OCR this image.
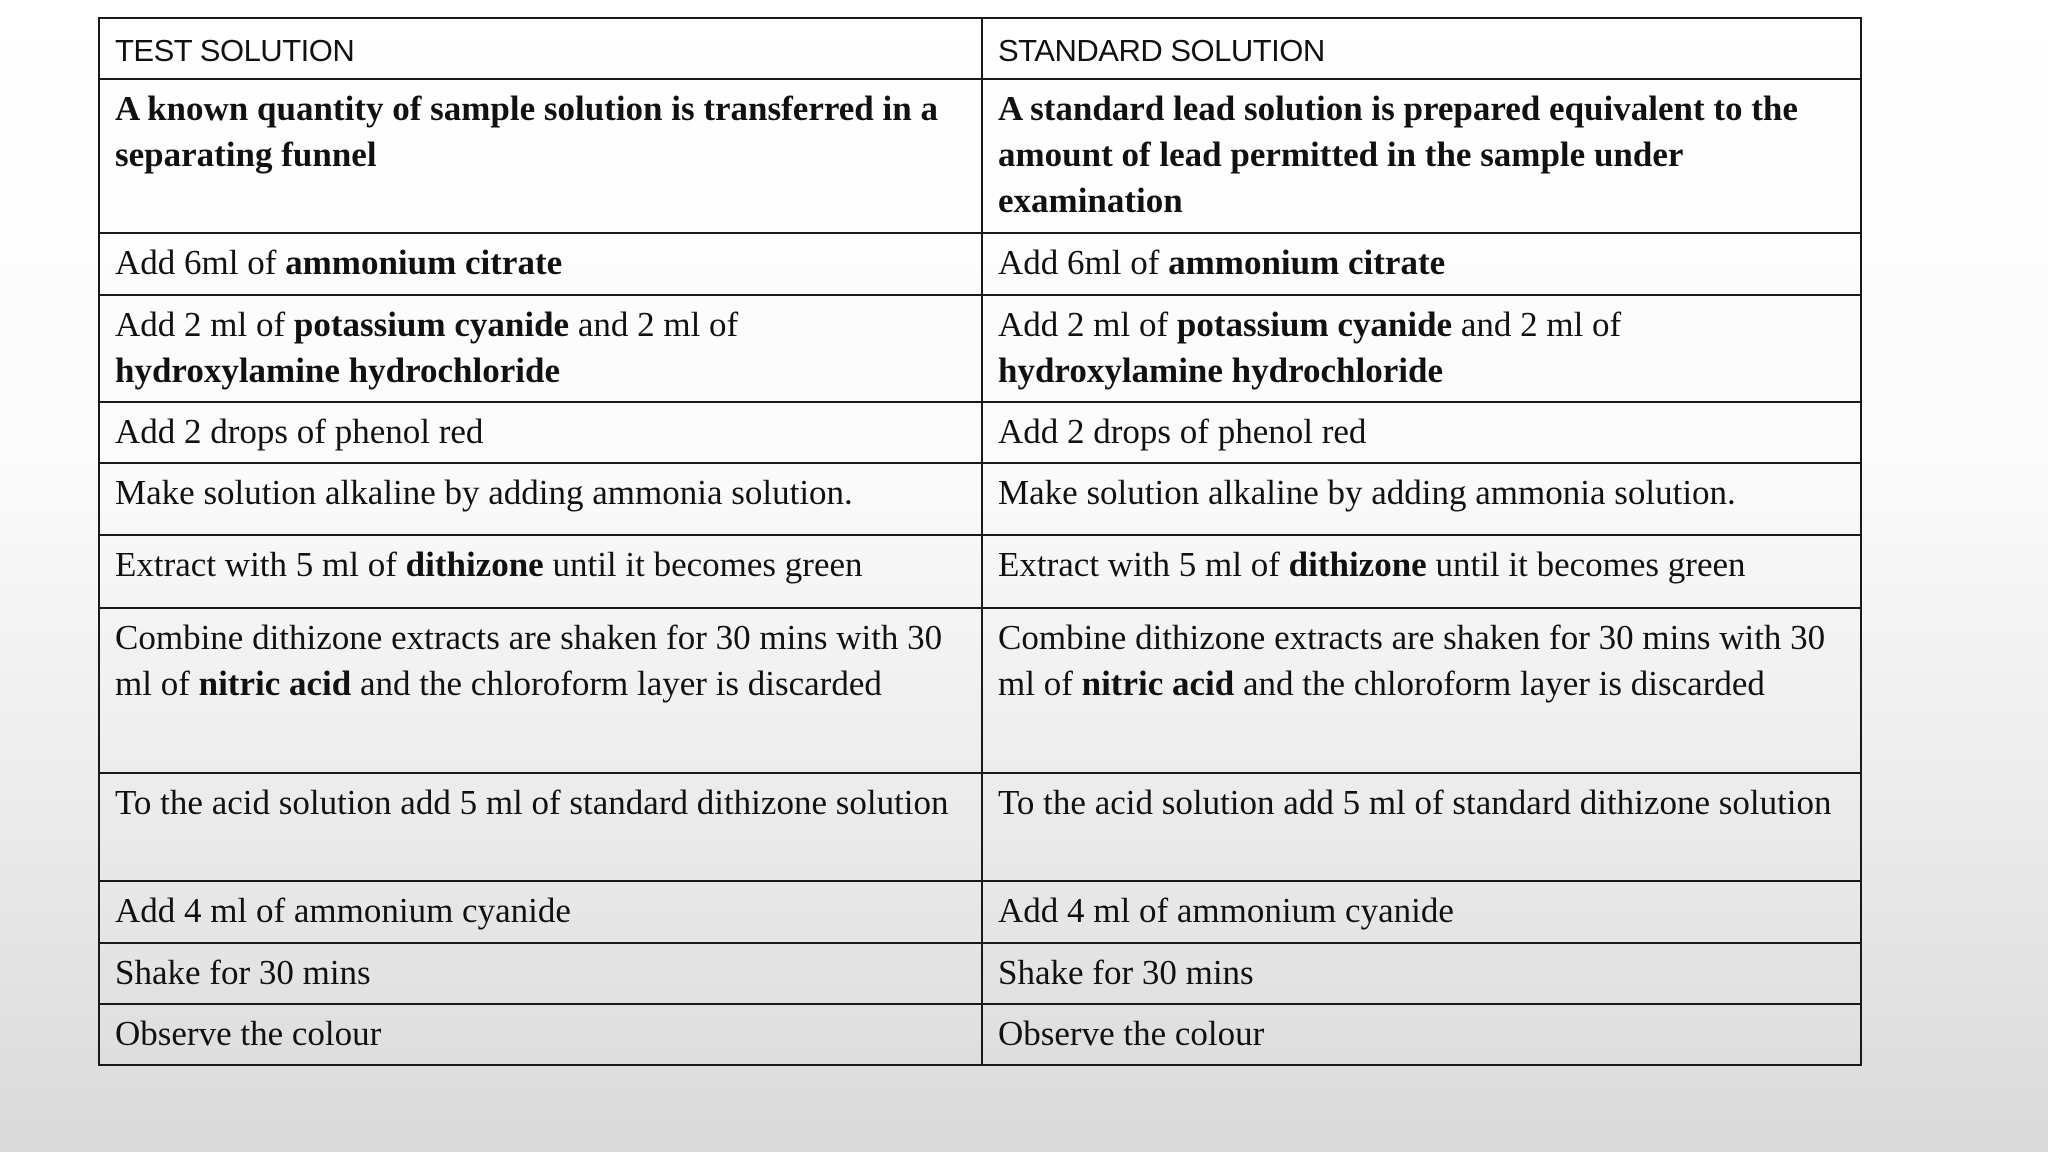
TEST SOLUTION	STANDARD SOLUTION
A known quantity of sample solution is transferred in a separating funnel	A standard lead solution is prepared equivalent to the amount of lead permitted in the sample under examination
Add 6ml of ammonium citrate	Add 6ml of ammonium citrate
Add 2 ml of potassium cyanide and 2 ml of hydroxylamine hydrochloride	Add 2 ml of potassium cyanide and 2 ml of hydroxylamine hydrochloride
Add 2 drops of phenol red	Add 2 drops of phenol red
Make solution alkaline by adding ammonia solution.	Make solution alkaline by adding ammonia solution.
Extract with 5 ml of dithizone until it becomes green	Extract with 5 ml of dithizone until it becomes green
Combine dithizone extracts are shaken for 30 mins with 30 ml of nitric acid and the chloroform layer is discarded	Combine dithizone extracts are shaken for 30 mins with 30 ml of nitric acid and the chloroform layer is discarded
To the acid solution add 5 ml of standard dithizone solution	To the acid solution add 5 ml of standard dithizone solution
Add 4 ml of ammonium cyanide	Add 4 ml of ammonium cyanide
Shake for 30 mins	Shake for 30 mins
Observe the colour	Observe the colour
